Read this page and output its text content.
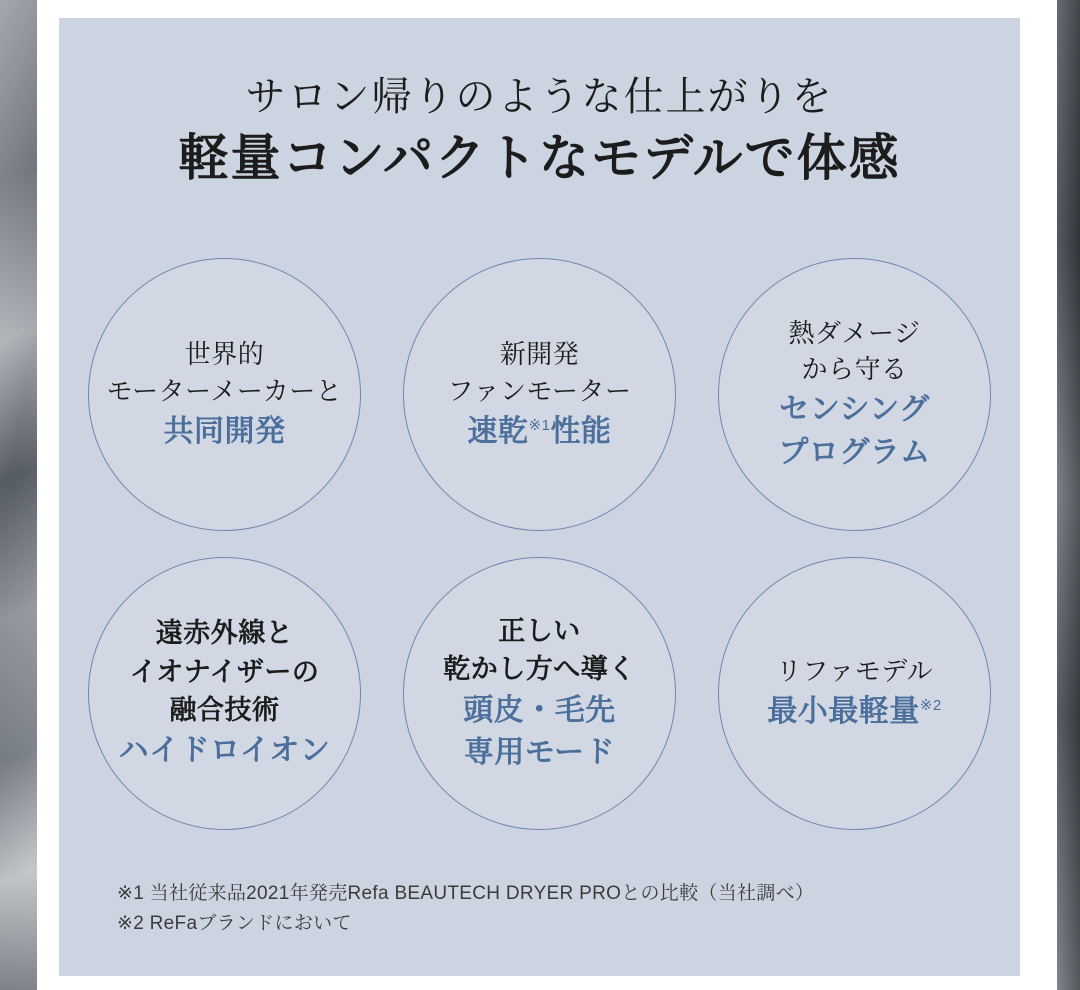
サロン帰りのような仕上がりを
軽量コンパクトなモデルで体感
世界的
モーターメーカーと
共同開発
新開発
ファンモーター
速乾$^{※1}$性能
熱ダメージ
から守る
センシング
プログラム
遠赤外線と
イオナイザーの
融合技術
ハイドロイオン
正しい
乾かし方へ導く
頭皮・毛先
専用モード
リファモデル
最小最軽量$^{※2}$
※1 当社従来品2021年発売Refa BEAUTECH DRYER PROとの比較（当社調べ）
※2 ReFaブランドにおいて
